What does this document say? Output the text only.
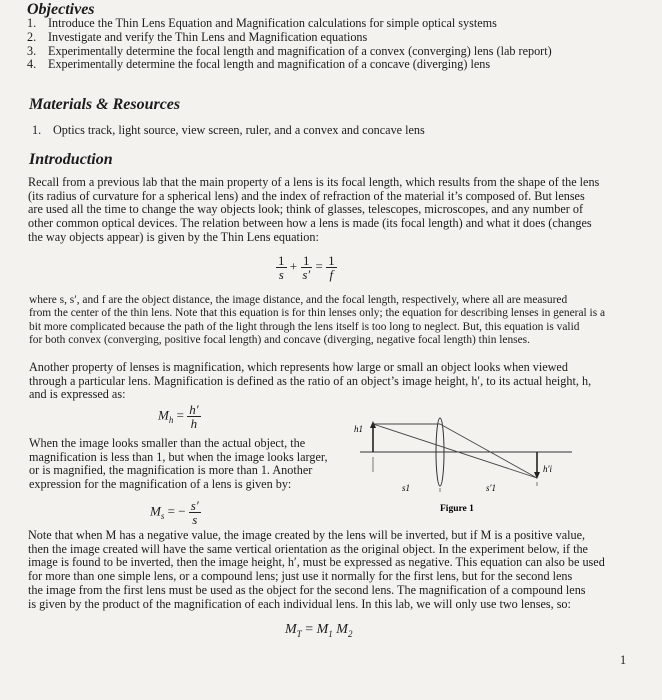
Objectives
1. Introduce the Thin Lens Equation and Magnification calculations for simple optical systems
2. Investigate and verify the Thin Lens and Magnification equations
3. Experimentally determine the focal length and magnification of a convex (converging) lens (lab report)
4. Experimentally determine the focal length and magnification of a concave (diverging) lens
Materials & Resources
1. Optics track, light source, view screen, ruler, and a convex and concave lens
Introduction
Recall from a previous lab that the main property of a lens is its focal length, which results from the shape of the lens
(its radius of curvature for a spherical lens) and the index of refraction of the material it’s composed of. But lenses
are used all the time to change the way objects look; think of glasses, telescopes, microscopes, and any number of
other common optical devices. The relation between how a lens is made (its focal length) and what it does (changes
the way objects appear) is given by the Thin Lens equation:
$\frac{1}{s} + \frac{1}{s'} = \frac{1}{f}$
where s, s′, and f are the object distance, the image distance, and the focal length, respectively, where all are measured
from the center of the thin lens. Note that this equation is for thin lenses only; the equation for describing lenses in general is a
bit more complicated because the path of the light through the lens itself is too long to neglect. But, this equation is valid
for both convex (converging, positive focal length) and concave (diverging, negative focal length) thin lenses.
Another property of lenses is magnification, which represents how large or small an object looks when viewed
through a particular lens. Magnification is defined as the ratio of an object’s image height, h′, to its actual height, h,
and is expressed as:
$M_h = \frac{h'}{h}$
When the image looks smaller than the actual object, the
magnification is less than 1, but when the image looks larger,
or is magnified, the magnification is more than 1. Another
expression for the magnification of a lens is given by:
$M_s$ = − $\frac{s'}{s}$
h1
h′i
s1	s′1
Figure 1
Note that when M has a negative value, the image created by the lens will be inverted, but if M is a positive value,
then the image created will have the same vertical orientation as the original object. In the experiment below, if the
image is found to be inverted, then the image height, h′, must be expressed as negative. This equation can also be used
for more than one simple lens, or a compound lens; just use it normally for the first lens, but for the second lens
the image from the first lens must be used as the object for the second lens. The magnification of a compound lens
is given by the product of the magnification of each individual lens. In this lab, we will only use two lenses, so:
$M_T = M_1$ $M_2$
1
